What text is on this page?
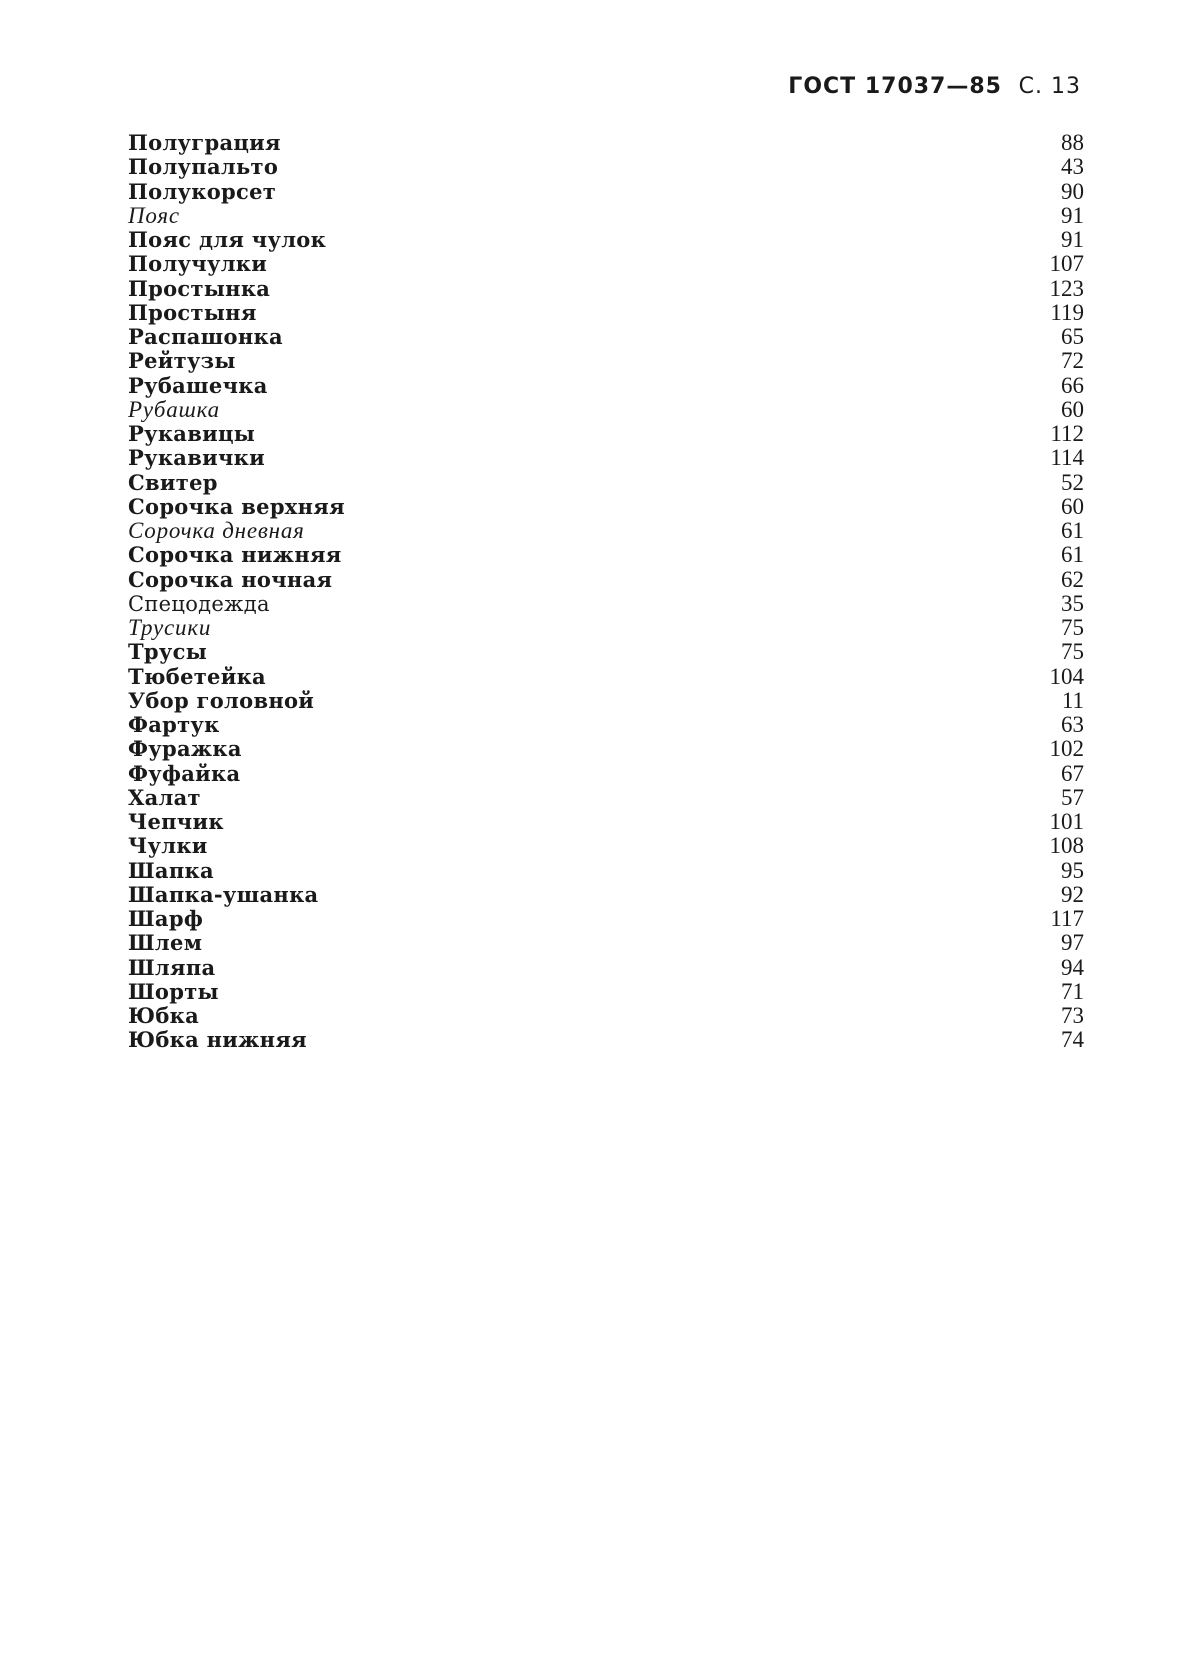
ГОСТ 17037—85 С. 13
Полуграция	88
Полупальто	43
Полукорсет	90
Пояс	91
Пояс для чулок	91
Получулки	107
Простынка	123
Простыня	119
Распашонка	65
Рейтузы	72
Рубашечка	66
Рубашка	60
Рукавицы	112
Рукавички	114
Свитер	52
Сорочка верхняя	60
Сорочка дневная	61
Сорочка нижняя	61
Сорочка ночная	62
Спецодежда	35
Трусики	75
Трусы	75
Тюбетейка	104
Убор головной	11
Фартук	63
Фуражка	102
Фуфайка	67
Халат	57
Чепчик	101
Чулки	108
Шапка	95
Шапка-ушанка	92
Шарф	117
Шлем	97
Шляпа	94
Шорты	71
Юбка	73
Юбка нижняя	74
